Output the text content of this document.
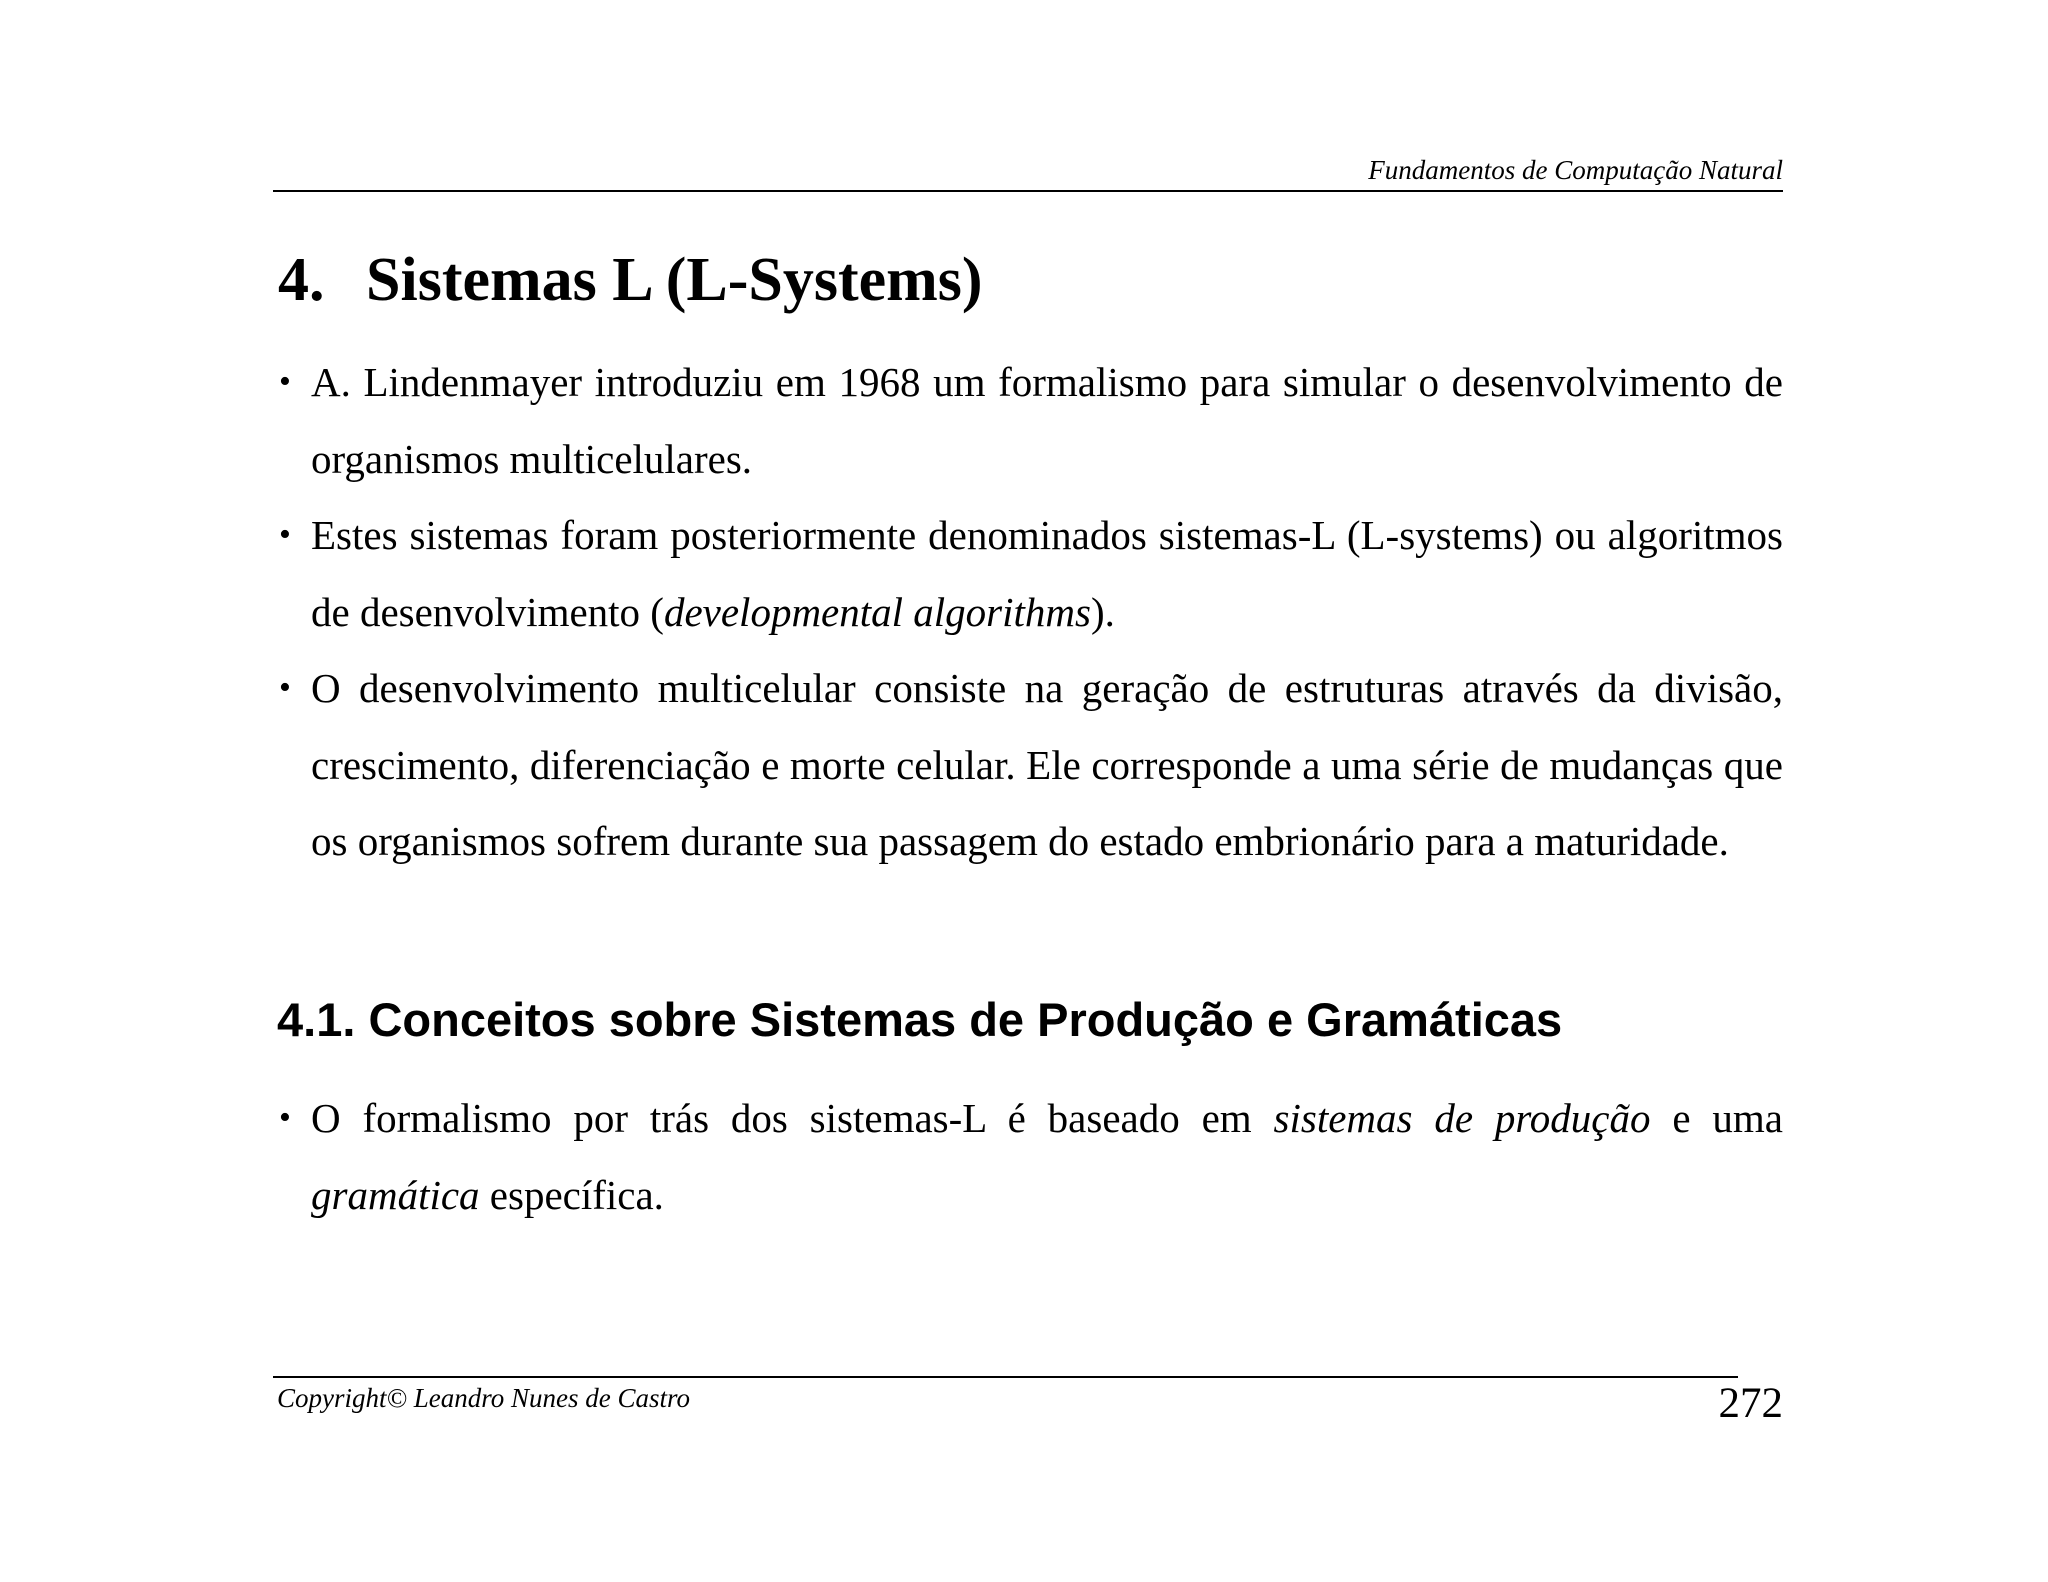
Fundamentos de Computação Natural
4. Sistemas L (L-Systems)
• A. Lindenmayer introduziu em 1968 um formalismo para simular o desenvolvimento de organismos multicelulares.
• Estes sistemas foram posteriormente denominados sistemas-L (L-systems) ou algoritmos de desenvolvimento (developmental algorithms).
• O desenvolvimento multicelular consiste na geração de estruturas através da divisão, crescimento, diferenciação e morte celular. Ele corresponde a uma série de mudanças que os organismos sofrem durante sua passagem do estado embrionário para a maturidade.
4.1. Conceitos sobre Sistemas de Produção e Gramáticas
• O formalismo por trás dos sistemas-L é baseado em sistemas de produção e uma gramática específica.
Copyright© Leandro Nunes de Castro	272
